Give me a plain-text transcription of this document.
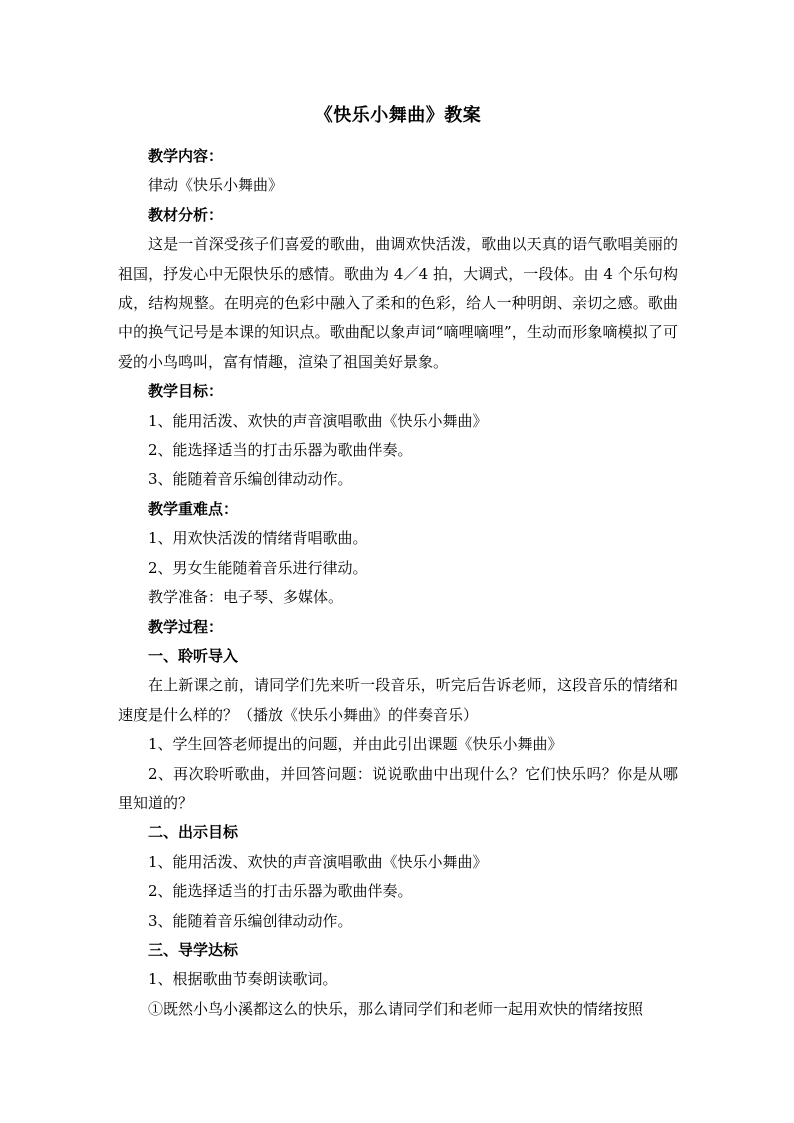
《快乐小舞曲》教案
教学内容：
律动《快乐小舞曲》
教材分析：
这是一首深受孩子们喜爱的歌曲，曲调欢快活泼，歌曲以天真的语气歌唱美丽的祖国，抒发心中无限快乐的感情。歌曲为 4／4 拍，大调式，一段体。由 4 个乐句构成，结构规整。在明亮的色彩中融入了柔和的色彩，给人一种明朗、亲切之感。歌曲中的换气记号是本课的知识点。歌曲配以象声词“嘀哩嘀哩”，生动而形象嘀模拟了可爱的小鸟鸣叫，富有情趣，渲染了祖国美好景象。
教学目标：
1、能用活泼、欢快的声音演唱歌曲《快乐小舞曲》
2、能选择适当的打击乐器为歌曲伴奏。
3、能随着音乐编创律动动作。
教学重难点：
1、用欢快活泼的情绪背唱歌曲。
2、男女生能随着音乐进行律动。
教学准备：电子琴、多媒体。
教学过程：
一、聆听导入
在上新课之前，请同学们先来听一段音乐，听完后告诉老师，这段音乐的情绪和速度是什么样的？（播放《快乐小舞曲》的伴奏音乐）
1、学生回答老师提出的问题，并由此引出课题《快乐小舞曲》
2、再次聆听歌曲，并回答问题：说说歌曲中出现什么？它们快乐吗？你是从哪里知道的？
二、出示目标
1、能用活泼、欢快的声音演唱歌曲《快乐小舞曲》
2、能选择适当的打击乐器为歌曲伴奏。
3、能随着音乐编创律动动作。
三、导学达标
1、根据歌曲节奏朗读歌词。
①既然小鸟小溪都这么的快乐，那么请同学们和老师一起用欢快的情绪按照
